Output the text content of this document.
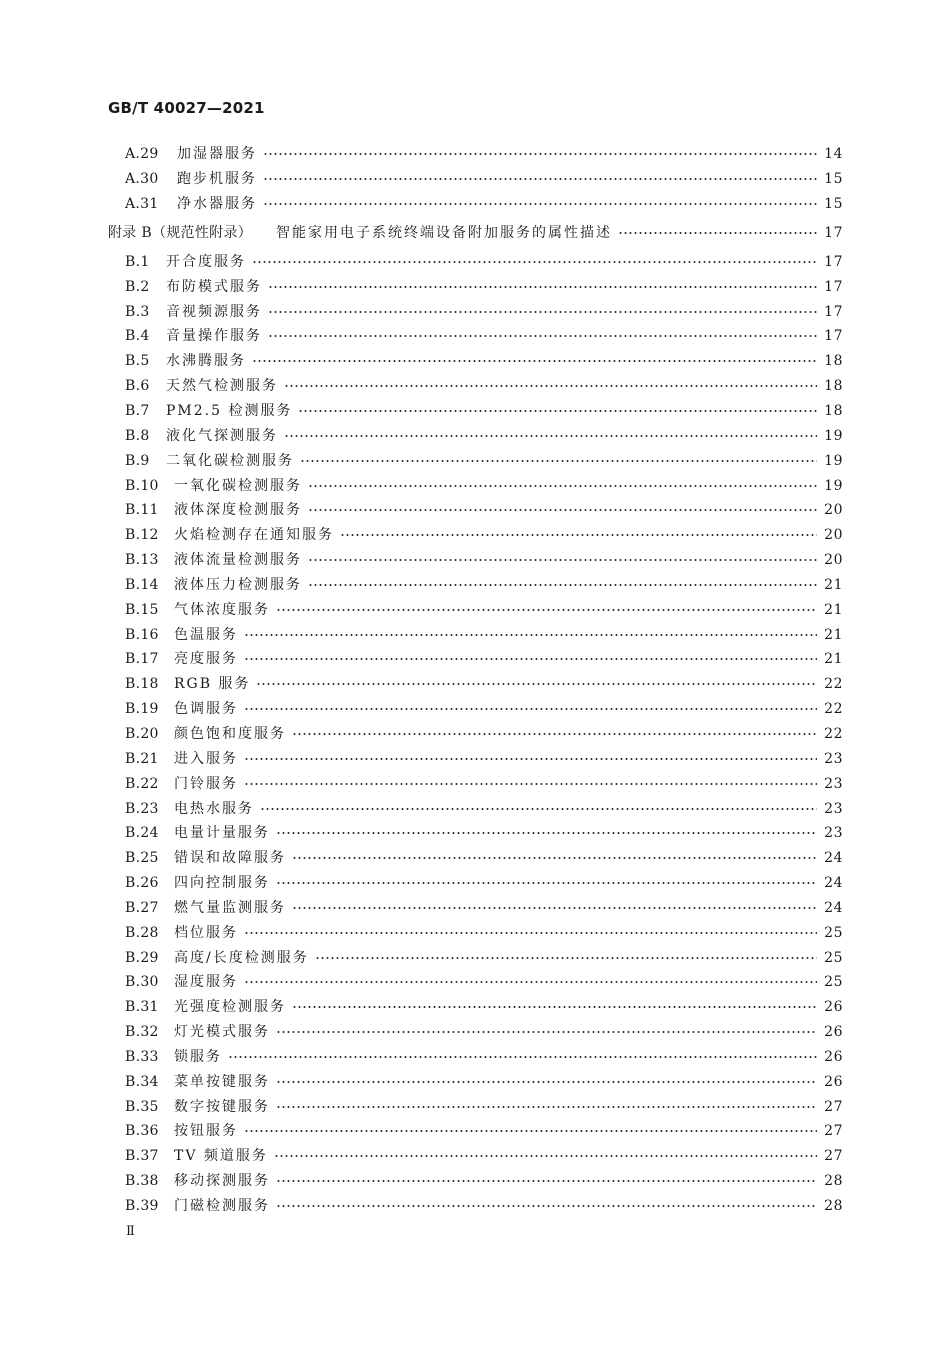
GB/T 40027—2021
A.29	加湿器服务	14
A.30	跑步机服务	15
A.31	净水器服务	15
附录 B（规范性附录）	智能家用电子系统终端设备附加服务的属性描述	17
B.1	开合度服务	17
B.2	布防模式服务	17
B.3	音视频源服务	17
B.4	音量操作服务	17
B.5	水沸腾服务	18
B.6	天然气检测服务	18
B.7	PM2.5 检测服务	18
B.8	液化气探测服务	19
B.9	二氧化碳检测服务	19
B.10	一氧化碳检测服务	19
B.11	液体深度检测服务	20
B.12	火焰检测存在通知服务	20
B.13	液体流量检测服务	20
B.14	液体压力检测服务	21
B.15	气体浓度服务	21
B.16	色温服务	21
B.17	亮度服务	21
B.18	RGB 服务	22
B.19	色调服务	22
B.20	颜色饱和度服务	22
B.21	进入服务	23
B.22	门铃服务	23
B.23	电热水服务	23
B.24	电量计量服务	23
B.25	错误和故障服务	24
B.26	四向控制服务	24
B.27	燃气量监测服务	24
B.28	档位服务	25
B.29	高度/长度检测服务	25
B.30	湿度服务	25
B.31	光强度检测服务	26
B.32	灯光模式服务	26
B.33	锁服务	26
B.34	菜单按键服务	26
B.35	数字按键服务	27
B.36	按钮服务	27
B.37	TV 频道服务	27
B.38	移动探测服务	28
B.39	门磁检测服务	28
Ⅱ
